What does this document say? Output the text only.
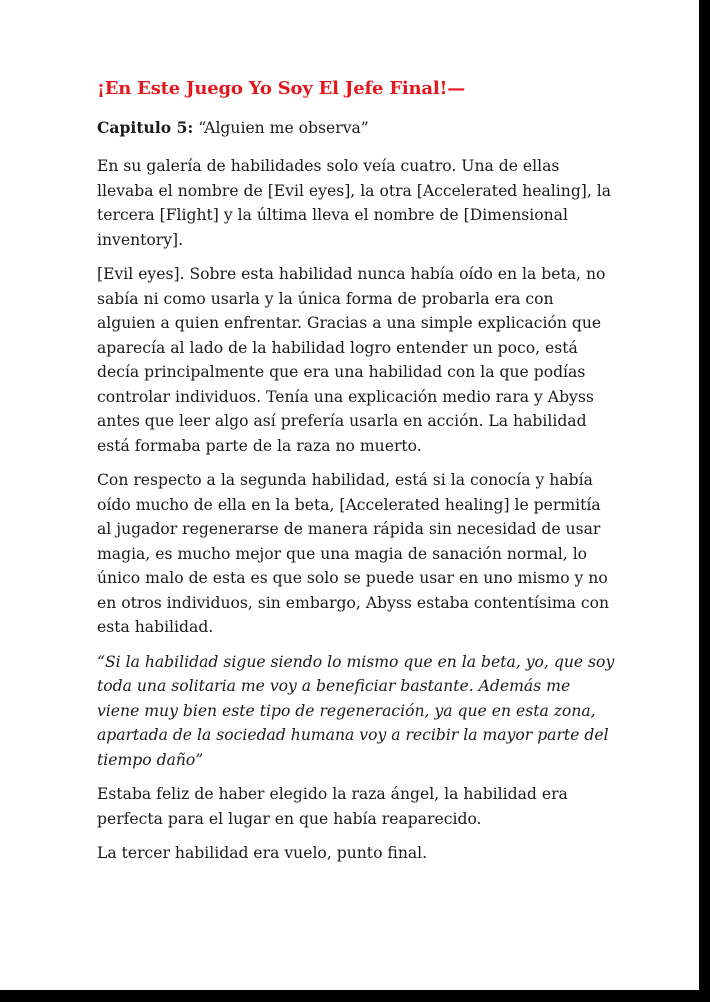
¡En Este Juego Yo Soy El Jefe Final!—

Capitulo 5: “Alguien me observa”

En su galería de habilidades solo veía cuatro. Una de ellas llevaba el nombre de [Evil eyes], la otra [Accelerated healing], la tercera [Flight] y la última lleva el nombre de [Dimensional inventory].

[Evil eyes]. Sobre esta habilidad nunca había oído en la beta, no sabía ni como usarla y la única forma de probarla era con alguien a quien enfrentar. Gracias a una simple explicación que aparecía al lado de la habilidad logro entender un poco, está decía principalmente que era una habilidad con la que podías controlar individuos. Tenía una explicación medio rara y Abyss antes que leer algo así prefería usarla en acción. La habilidad está formaba parte de la raza no muerto.

Con respecto a la segunda habilidad, está si la conocía y había oído mucho de ella en la beta, [Accelerated healing] le permitía al jugador regenerarse de manera rápida sin necesidad de usar magia, es mucho mejor que una magia de sanación normal, lo único malo de esta es que solo se puede usar en uno mismo y no en otros individuos, sin embargo, Abyss estaba contentísima con esta habilidad.

“Si la habilidad sigue siendo lo mismo que en la beta, yo, que soy toda una solitaria me voy a beneficiar bastante. Además me viene muy bien este tipo de regeneración, ya que en esta zona, apartada de la sociedad humana voy a recibir la mayor parte del tiempo daño”

Estaba feliz de haber elegido la raza ángel, la habilidad era perfecta para el lugar en que había reaparecido.

La tercer habilidad era vuelo, punto final.
